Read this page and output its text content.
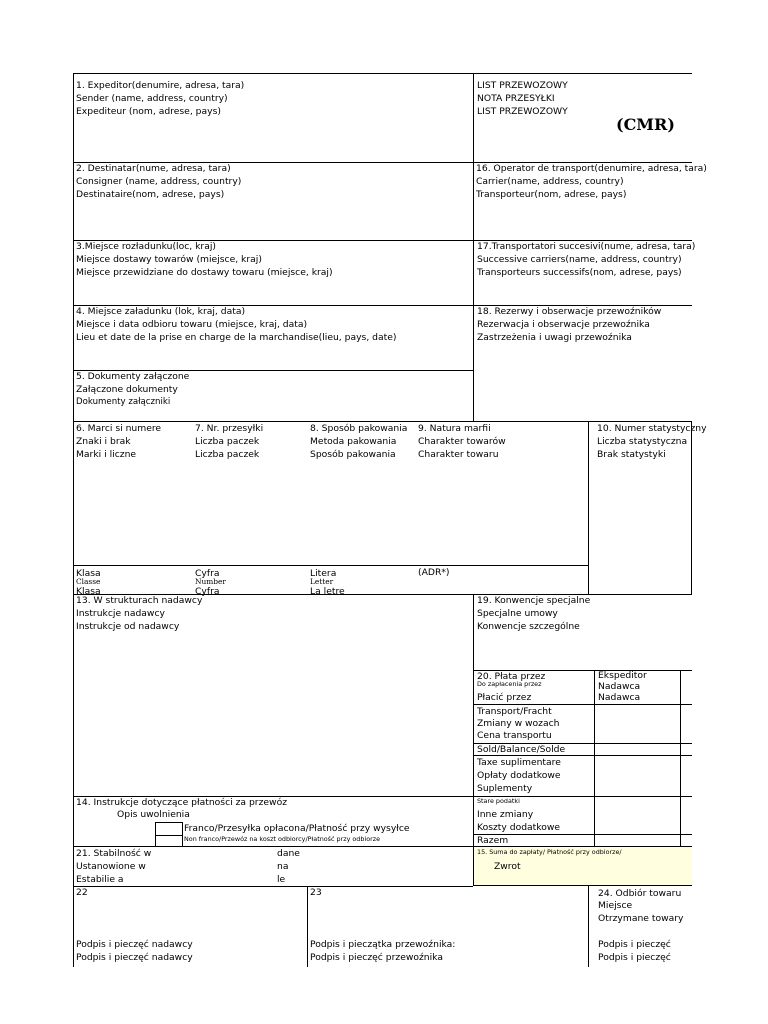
1. Expeditor(denumire, adresa, tara)
Sender (name, address, country)
Expediteur (nom, adrese, pays)
LIST PRZEWOZOWY
NOTA PRZESYŁKI
LIST PRZEWOZOWY
(CMR)
2. Destinatar(nume, adresa, tara)
Consigner (name, address, country)
Destinataire(nom, adrese, pays)
16. Operator de transport(denumire, adresa, tara)
Carrier(name, address, country)
Transporteur(nom, adrese, pays)
3.Miejsce rozładunku(loc, kraj)
Miejsce dostawy towarów (miejsce, kraj)
Miejsce przewidziane do dostawy towaru (miejsce, kraj)
17.Transportatori succesivi(nume, adresa, tara)
Successive carriers(name, address, country)
Transporteurs successifs(nom, adrese, pays)
4. Miejsce załadunku (lok, kraj, data)
Miejsce i data odbioru towaru (miejsce, kraj, data)
Lieu et date de la prise en charge de la marchandise(lieu, pays, date)
18. Rezerwy i obserwacje przewoźników
Rezerwacja i obserwacje przewoźnika
Zastrzeżenia i uwagi przewoźnika
5. Dokumenty załączone
Załączone dokumenty
Dokumenty załączniki
6. Marci si numere
Znaki i brak
Marki i liczne
7. Nr. przesyłki
Liczba paczek
Liczba paczek
8. Sposób pakowania
Metoda pakowania
Sposób pakowania
9. Natura marfii
Charakter towarów
Charakter towaru
10. Numer statystyczny
Liczba statystyczna
Brak statystyki
Klasa
Classe
Klasa
Cyfra
Number
Cyfra
Litera
Letter
La letre
(ADR*)
13. W strukturach nadawcy
Instrukcje nadawcy
Instrukcje od nadawcy
19. Konwencje specjalne
Specjalne umowy
Konwencje szczególne
20. Płata przez
Do zapłacenia przez
Płacić przez
Ekspeditor
Nadawca
Nadawca
Transport/Fracht
Zmiany w wozach
Cena transportu
Sold/Balance/Solde
Taxe suplimentare
Opłaty dodatkowe
Suplementy
Stare podatki
Inne zmiany
Koszty dodatkowe
Razem
14. Instrukcje dotyczące płatności za przewóz
Opis uwolnienia
Franco/Przesyłka opłacona/Płatność przy wysyłce
Non franco/Przewóz na koszt odbiorcy/Płatność przy odbiorze
21. Stabilność w
Ustanowione w
Estabilie a
dane
na
le
15. Suma do zapłaty/ Płatność przy odbiorze/
Zwrot
22
Podpis i pieczęć nadawcy
Podpis i pieczęć nadawcy
23
Podpis i pieczątka przewoźnika:
Podpis i pieczęć przewoźnika
24. Odbiór towaru
Miejsce
Otrzymane towary
Podpis i pieczęć
Podpis i pieczęć
